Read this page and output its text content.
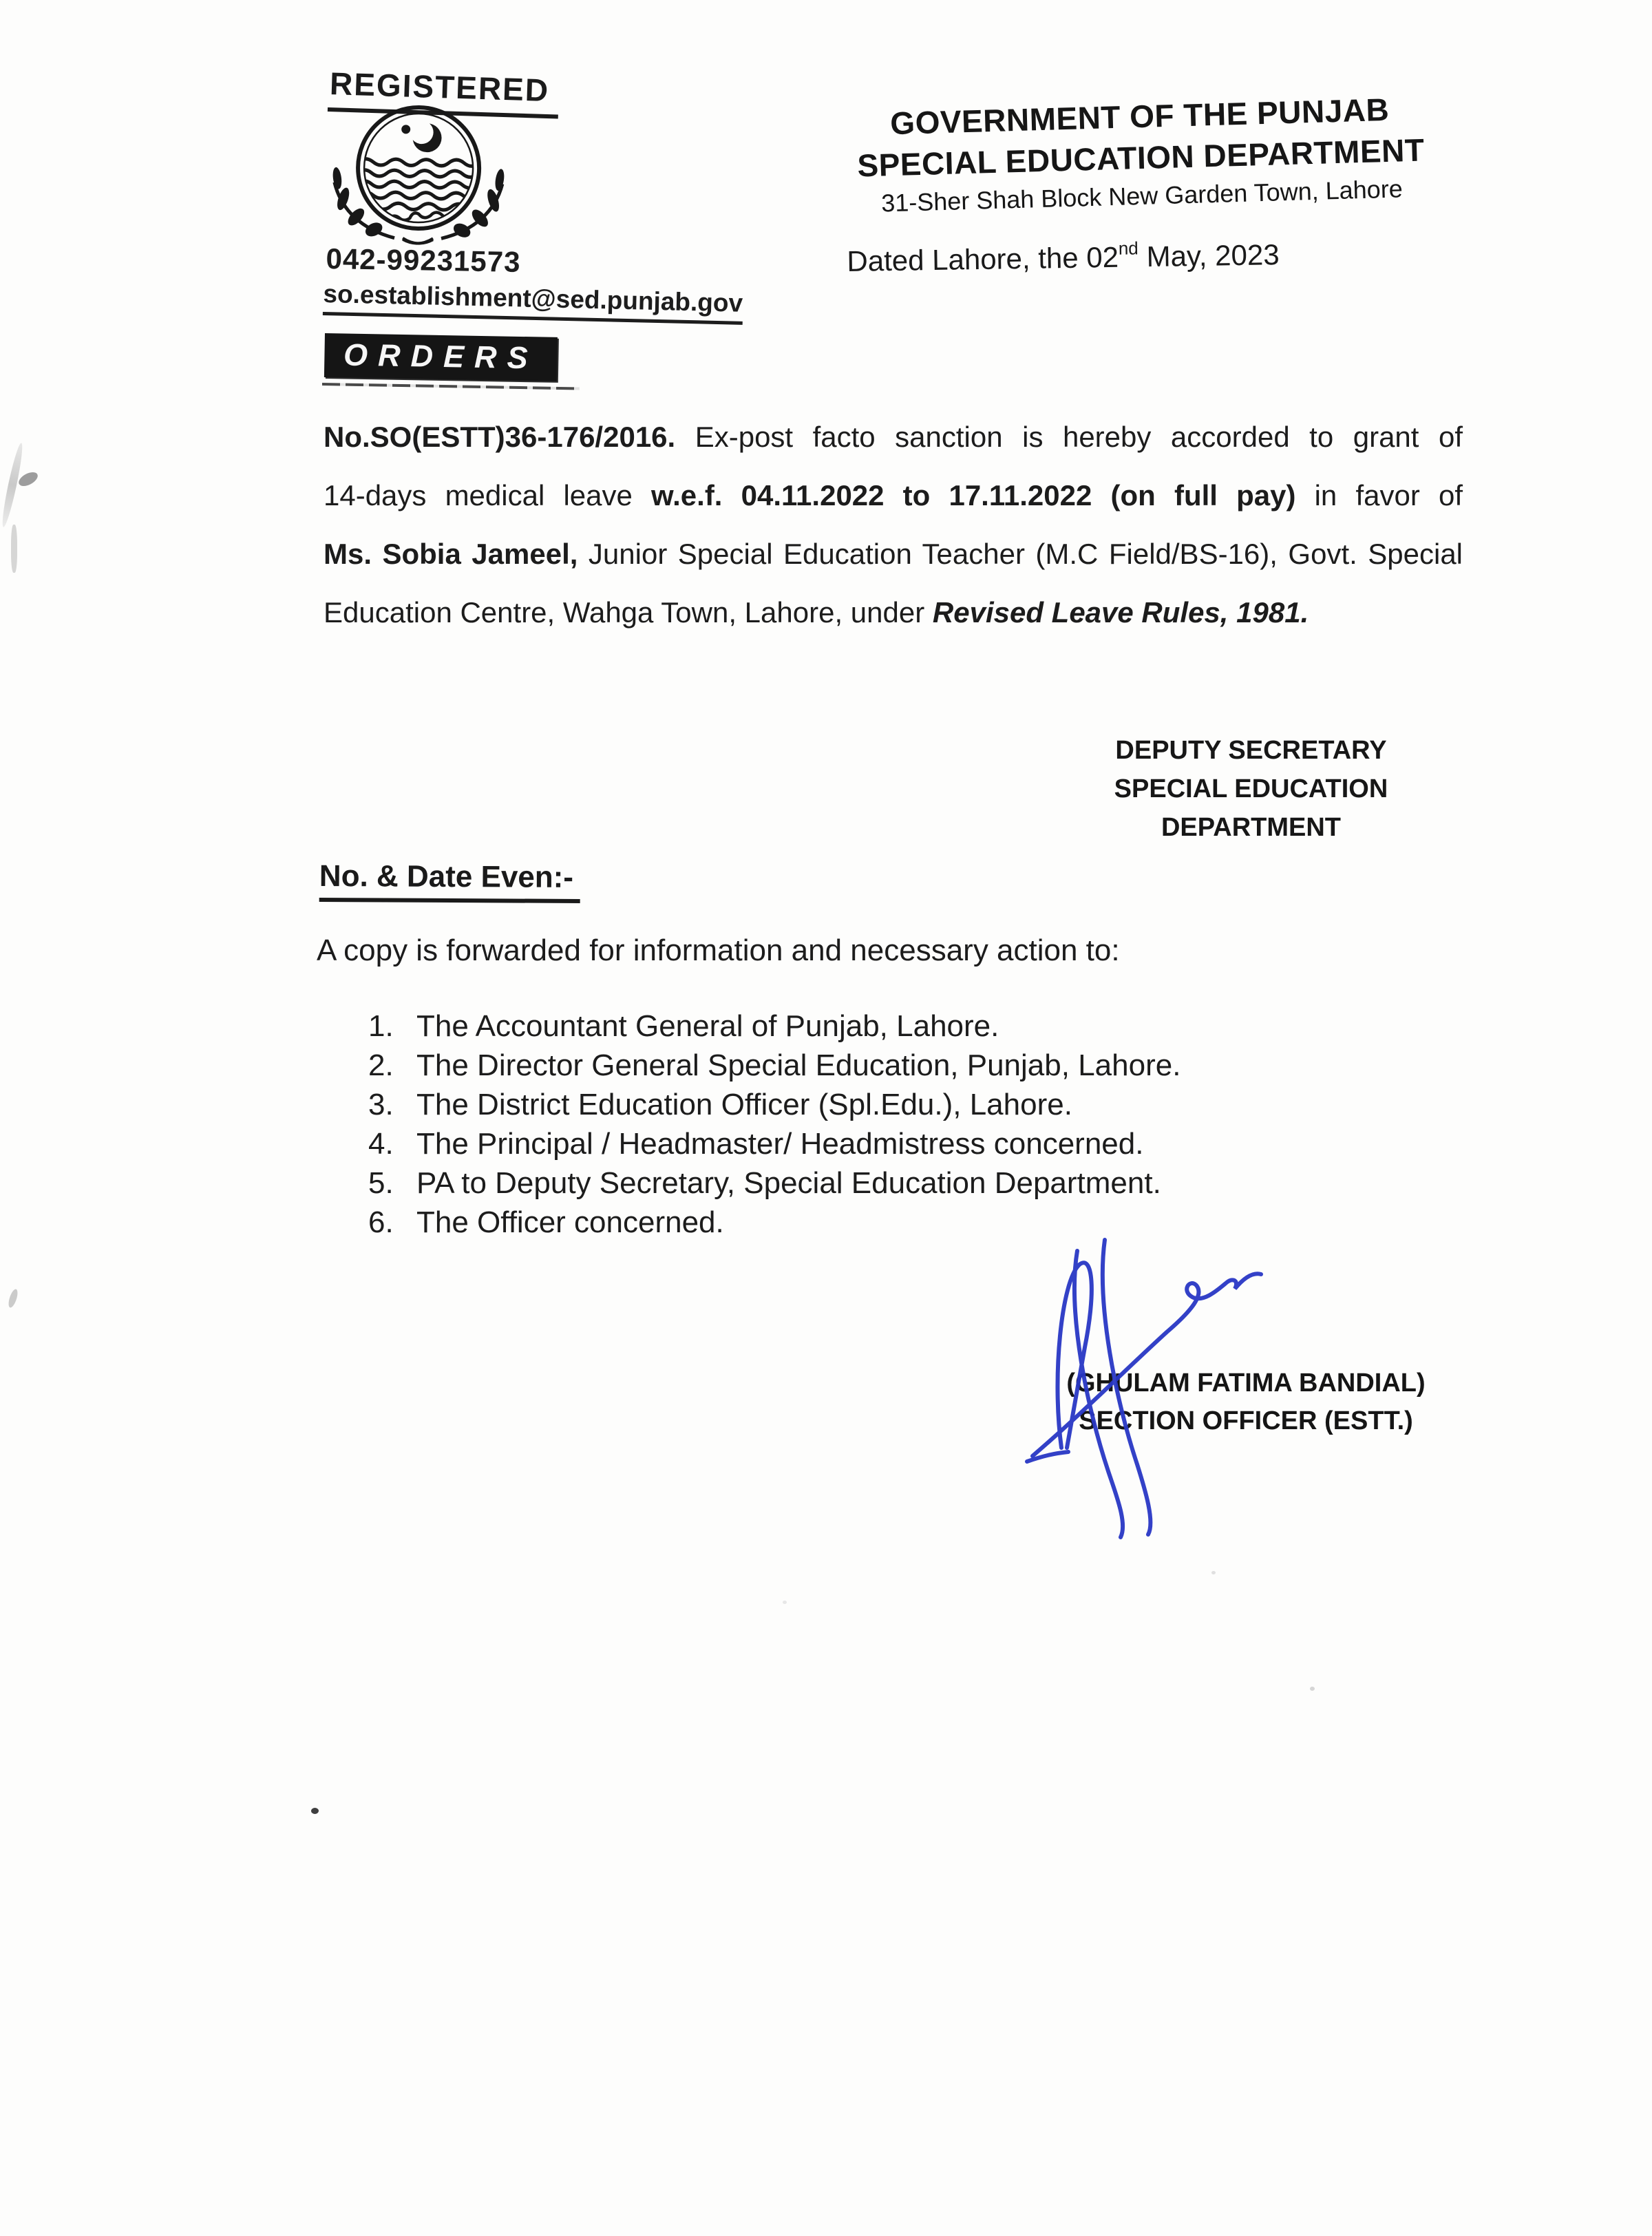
REGISTERED
042-99231573
so.establishment@sed.punjab.gov
GOVERNMENT OF THE PUNJAB
SPECIAL EDUCATION DEPARTMENT
31-Sher Shah Block New Garden Town, Lahore
Dated Lahore, the 02nd May, 2023
ORDERS
No.SO(ESTT)36-176/2016. Ex-post facto sanction is hereby accorded to grant of
14-days medical leave w.e.f. 04.11.2022 to 17.11.2022 (on full pay) in favor of
Ms. Sobia Jameel, Junior Special Education Teacher (M.C Field/BS-16), Govt. Special
Education Centre, Wahga Town, Lahore, under Revised Leave Rules, 1981.
DEPUTY SECRETARY
SPECIAL EDUCATION
DEPARTMENT
No. & Date Even:-
A copy is forwarded for information and necessary action to:
1. The Accountant General of Punjab, Lahore.
2. The Director General Special Education, Punjab, Lahore.
3. The District Education Officer (Spl.Edu.), Lahore.
4. The Principal / Headmaster/ Headmistress concerned.
5. PA to Deputy Secretary, Special Education Department.
6. The Officer concerned.
(GHULAM FATIMA BANDIAL)
SECTION OFFICER (ESTT.)
